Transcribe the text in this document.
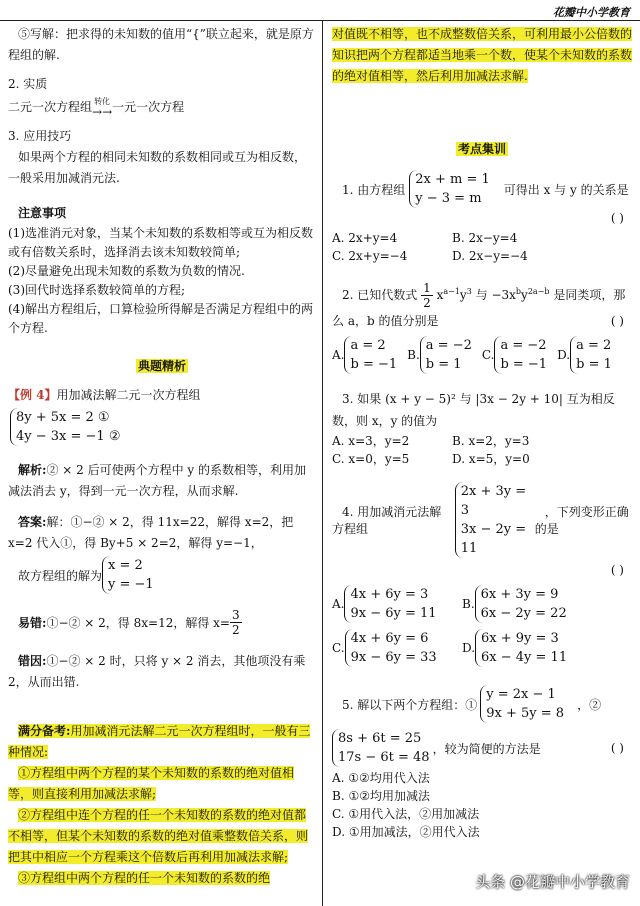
花瓣中小学教育

⑤写解：把求得的未知数的值用“{”联立起来，就是原方程组的解.

2. 实质

二元一次方程组 转化
→→ 一元一次方程

3. 应用技巧

如果两个方程的相同未知数的系数相同或互为相反数，一般采用加减消元法.

注意事项

(1)选准消元对象，当某个未知数的系数相等或互为相反数或有倍数关系时，选择消去该未知数较简单;

(2)尽量避免出现未知数的系数为负数的情况.

(3)回代时选择系数较简单的方程;

(4)解出方程组后，口算检验所得解是否满足方程组中的两个方程.

典题精析

【例 4】用加减法解二元一次方程组

8y + 5x = 2 ①
4y − 3x = −1 ②

解析:② × 2 后可使两个方程中 y 的系数相等，利用加减法消去 y，得到一元一次方程，从而求解.

答案:解：①−② × 2，得 11x=22，解得 x=2，把 x=2 代入①，得 By+5 × 2=2，解得 y=−1，

故方程组的解为
x = 2
y = −1

易错: ①−② × 2，得 8x=12，解得 $x= \frac{3}{2}$

错因:①−② × 2 时，只将 y × 2 消去，其他项没有乘 2，从而出错.

满分备考:用加减消元法解二元一次方程组时，一般有三种情况:

①方程组中两个方程的某个未知数的系数的绝对值相等，则直接利用加减法求解;

②方程组中连个方程的任一个未知数的系数的绝对值都不相等，但某个未知数的系数的绝对值乘整数倍关系，则把其中相应一个方程乘这个倍数后再利用加减法求解;

③方程组中两个方程的任一个未知数的系数的绝

对值既不相等，也不成整数倍关系，可利用最小公倍数的知识把两个方程都适当地乘一个数，使某个未知数的系数的绝对值相等，然后利用加减法求解.

考点集训

1. 由方程组
2x + m = 1
y − 3 = m
可得出 x 与 y 的关系是

( )

A. 2x+y=4	B. 2x−y=4
C. 2x+y=−4	D. 2x−y=−4

2. 已知代数式 $\frac{1}{2} x^{a-1}y^3$ 与 $-3x^by^{2a-b}$ 是同类项，那么 a，b 的值分别是	( )
A.
a = 2
b = −1
B.
a = −2
b = 1
C.
a = −2
b = −1
D.
a = 2
b = 1

3. 如果 (x + y − 5)² 与 |3x − 2y + 10| 互为相反数，则 x，y 的值为

A. x=3，y=2	B. x=2，y=3
C. x=0，y=5	D. x=5，y=0

4. 用加减消元法解方程组
2x + 3y = 3
3x − 2y = 11
，下列变形正确的是

( )

A.
4x + 6y = 3
9x − 6y = 11
B.
6x + 3y = 9
6x − 2y = 22
C.
4x + 6y = 6
9x − 6y = 33
D.
6x + 9y = 3
6x − 4y = 11

5. 解以下两个方程组：①
y = 2x − 1
9x + 5y = 8
，②
8s + 6t = 25
17s − 6t = 48
，较为简便的方法是	( )
A. ①②均用代入法
B. ①②均用加减法
C. ①用代入法，②用加减法
D. ①用加减法，②用代入法
头条 @花瓣中小学教育
